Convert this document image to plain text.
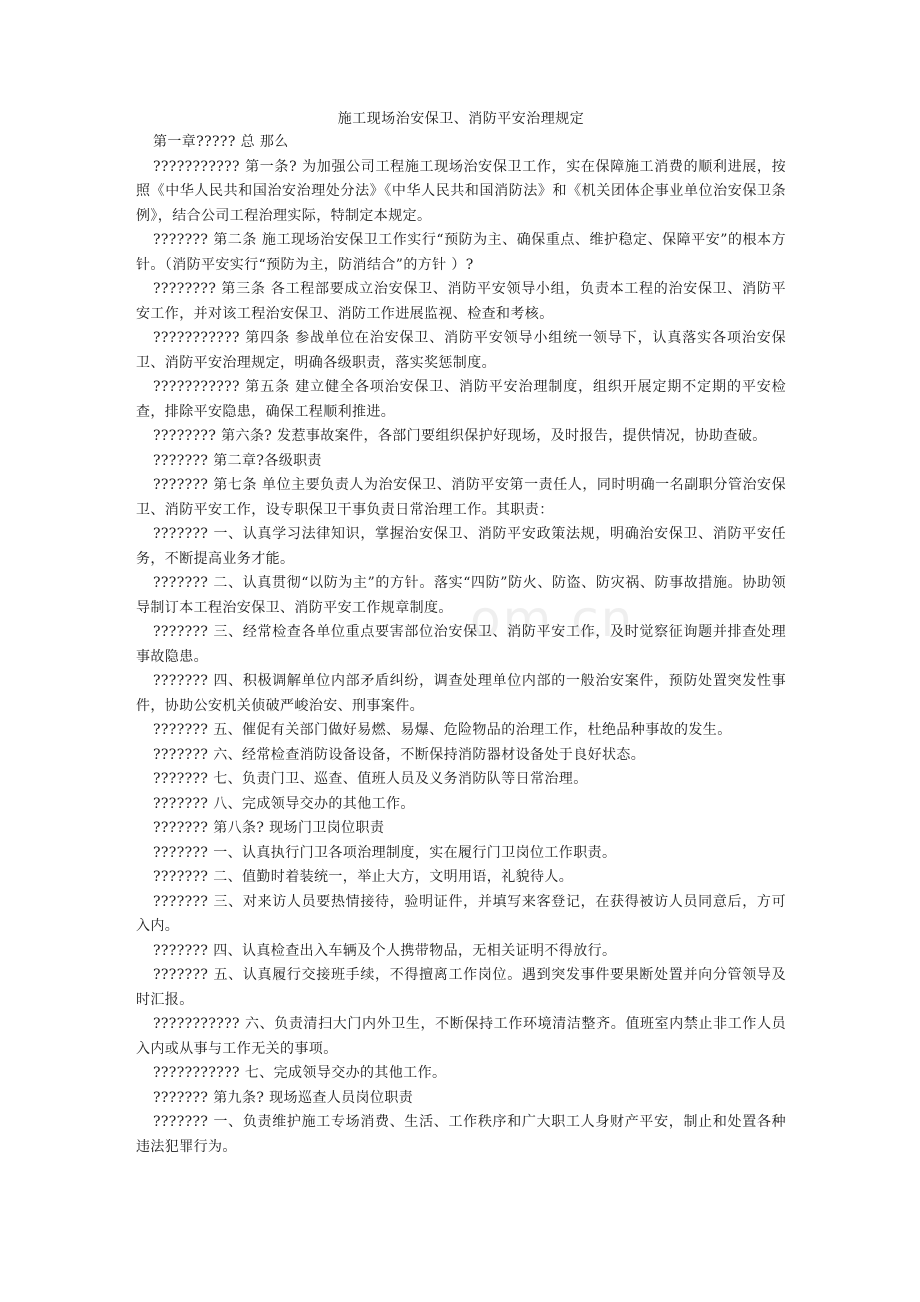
施工现场治安保卫、消防平安治理规定

第一章????? 总 那么

??????????? 第一条? 为加强公司工程施工现场治安保卫工作，实在保障施工消费的顺利进展，按照《中华人民共和国治安治理处分法》《中华人民共和国消防法》和《机关团体企事业单位治安保卫条例》，结合公司工程治理实际，特制定本规定。

??????? 第二条 施工现场治安保卫工作实行“预防为主、确保重点、维护稳定、保障平安”的根本方针。（消防平安实行“预防为主，防消结合”的方针 ）?

???????? 第三条 各工程部要成立治安保卫、消防平安领导小组，负责本工程的治安保卫、消防平安工作，并对该工程治安保卫、消防工作进展监视、检查和考核。

??????????? 第四条 参战单位在治安保卫、消防平安领导小组统一领导下，认真落实各项治安保卫、消防平安治理规定，明确各级职责，落实奖惩制度。

??????????? 第五条 建立健全各项治安保卫、消防平安治理制度，组织开展定期不定期的平安检查，排除平安隐患，确保工程顺利推进。

???????? 第六条? 发惹事故案件，各部门要组织保护好现场，及时报告，提供情况，协助查破。

??????? 第二章?各级职责

??????? 第七条 单位主要负责人为治安保卫、消防平安第一责任人，同时明确一名副职分管治安保卫、消防平安工作，设专职保卫干事负责日常治理工作。其职责：

??????? 一、认真学习法律知识，掌握治安保卫、消防平安政策法规，明确治安保卫、消防平安任务，不断提高业务才能。

??????? 二、认真贯彻“以防为主”的方针。落实“四防”防火、防盗、防灾祸、防事故措施。协助领导制订本工程治安保卫、消防平安工作规章制度。

??????? 三、经常检查各单位重点要害部位治安保卫、消防平安工作，及时觉察征询题并排查处理事故隐患。

??????? 四、积极调解单位内部矛盾纠纷，调查处理单位内部的一般治安案件，预防处置突发性事件，协助公安机关侦破严峻治安、刑事案件。

??????? 五、催促有关部门做好易燃、易爆、危险物品的治理工作，杜绝品种事故的发生。

??????? 六、经常检查消防设备设备，不断保持消防器材设备处于良好状态。

??????? 七、负责门卫、巡查、值班人员及义务消防队等日常治理。

??????? 八、完成领导交办的其他工作。

??????? 第八条? 现场门卫岗位职责

??????? 一、认真执行门卫各项治理制度，实在履行门卫岗位工作职责。

??????? 二、值勤时着装统一，举止大方，文明用语，礼貌待人。

??????? 三、对来访人员要热情接待，验明证件，并填写来客登记，在获得被访人员同意后，方可入内。

??????? 四、认真检查出入车辆及个人携带物品，无相关证明不得放行。

??????? 五、认真履行交接班手续，不得擅离工作岗位。遇到突发事件要果断处置并向分管领导及时汇报。

??????????? 六、负责清扫大门内外卫生，不断保持工作环境清洁整齐。值班室内禁止非工作人员入内或从事与工作无关的事项。

??????????? 七、完成领导交办的其他工作。

??????? 第九条? 现场巡查人员岗位职责

??????? 一、负责维护施工专场消费、生活、工作秩序和广大职工人身财产平安，制止和处置各种违法犯罪行为。

om.cn
